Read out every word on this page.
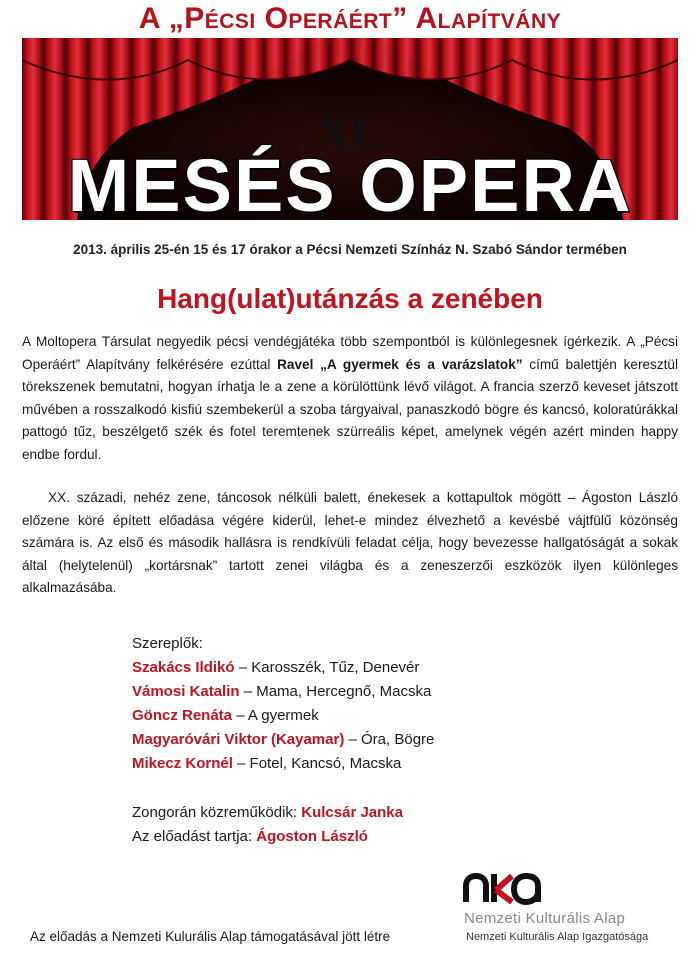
A „Pécsi Operáért” Alapítvány
XI.
MESÉS OPERA

2013. április 25-én 15 és 17 órakor a Pécsi Nemzeti Színház N. Szabó Sándor termében

Hang(ulat)utánzás a zenében

A Moltopera Társulat negyedik pécsi vendégjátéka több szempontból is különlegesnek ígérkezik. A „Pécsi Operáért” Alapítvány felkérésére ezúttal Ravel „A gyermek és a varázslatok” című balettjén keresztül törekszenek bemutatni, hogyan írhatja le a zene a körülöttünk lévő világot. A francia szerző keveset játszott művében a rosszalkodó kisfiú szembekerül a szoba tárgyaival, panaszkodó bögre és kancsó, koloratúrákkal pattogó tűz, beszélgető szék és fotel teremtenek szürreális képet, amelynek végén azért minden happy endbe fordul.

XX. századi, nehéz zene, táncosok nélküli balett, énekesek a kottapultok mögött – Ágoston László előzene köré épített előadása végére kiderül, lehet-e mindez élvezhető a kevésbé vájtfülű közönség számára is. Az első és második hallásra is rendkívüli feladat célja, hogy bevezesse hallgatóságát a sokak által (helytelenül) „kortársnak” tartott zenei világba és a zeneszerzői eszközök ilyen különleges alkalmazásába.

Szereplők:
Szakács Ildikó – Karosszék, Tűz, Denevér
Vámosi Katalin – Mama, Hercegnő, Macska
Göncz Renáta – A gyermek
Magyaróvári Viktor (Kayamar) – Óra, Bögre
Mikecz Kornél – Fotel, Kancsó, Macska
Zongorán közreműködik: Kulcsár Janka
Az előadást tartja: Ágoston László

Az előadás a Nemzeti Kulurális Alap támogatásával jött létre

Nemzeti Kulturális Alap

Nemzeti Kulturális Alap Igazgatósága
